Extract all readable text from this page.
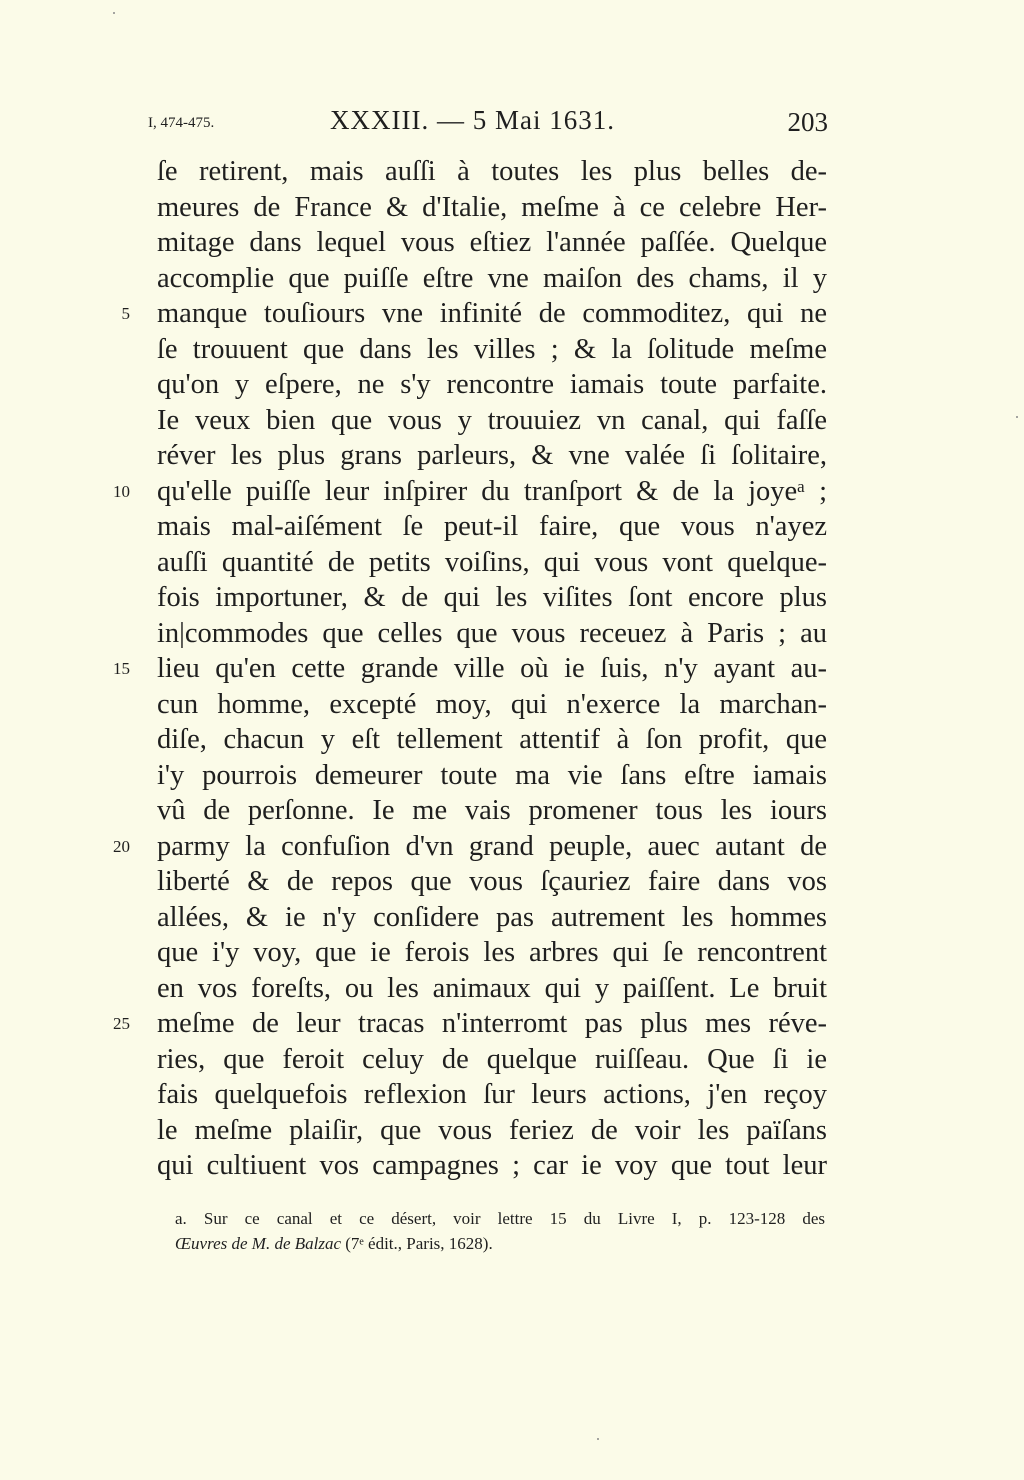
I, 474-475.	XXXIII. — 5 Mai 1631.	203
5
10
15
20
25
ſe retirent, mais auſſi à toutes les plus belles de-
meures de France & d'Italie, meſme à ce celebre Her-
mitage dans lequel vous eſtiez l'année paſſée. Quelque
accomplie que puiſſe eſtre vne maiſon des chams, il y
manque touſiours vne infinité de commoditez, qui ne
ſe trouuent que dans les villes ; & la ſolitude meſme
qu'on y eſpere, ne s'y rencontre iamais toute parfaite.
Ie veux bien que vous y trouuiez vn canal, qui faſſe
réver les plus grans parleurs, & vne valée ſi ſolitaire,
qu'elle puiſſe leur inſpirer du tranſport & de la joyeᵃ ;
mais mal-aiſément ſe peut-il faire, que vous n'ayez
auſſi quantité de petits voiſins, qui vous vont quelque-
fois importuner, & de qui les viſites ſont encore plus
in|commodes que celles que vous receuez à Paris ; au
lieu qu'en cette grande ville où ie ſuis, n'y ayant au-
cun homme, excepté moy, qui n'exerce la marchan-
diſe, chacun y eſt tellement attentif à ſon profit, que
i'y pourrois demeurer toute ma vie ſans eſtre iamais
vû de perſonne. Ie me vais promener tous les iours
parmy la confuſion d'vn grand peuple, auec autant de
liberté & de repos que vous ſçauriez faire dans vos
allées, & ie n'y conſidere pas autrement les hommes
que i'y voy, que ie ferois les arbres qui ſe rencontrent
en vos foreſts, ou les animaux qui y paiſſent. Le bruit
meſme de leur tracas n'interromt pas plus mes réve-
ries, que feroit celuy de quelque ruiſſeau. Que ſi ie
fais quelquefois reflexion ſur leurs actions, j'en reçoy
le meſme plaiſir, que vous feriez de voir les païſans
qui cultiuent vos campagnes ; car ie voy que tout leur
a. Sur ce canal et ce désert, voir lettre 15 du Livre I, p. 123-128 des
Œuvres de M. de Balzac (7ᵉ édit., Paris, 1628).
